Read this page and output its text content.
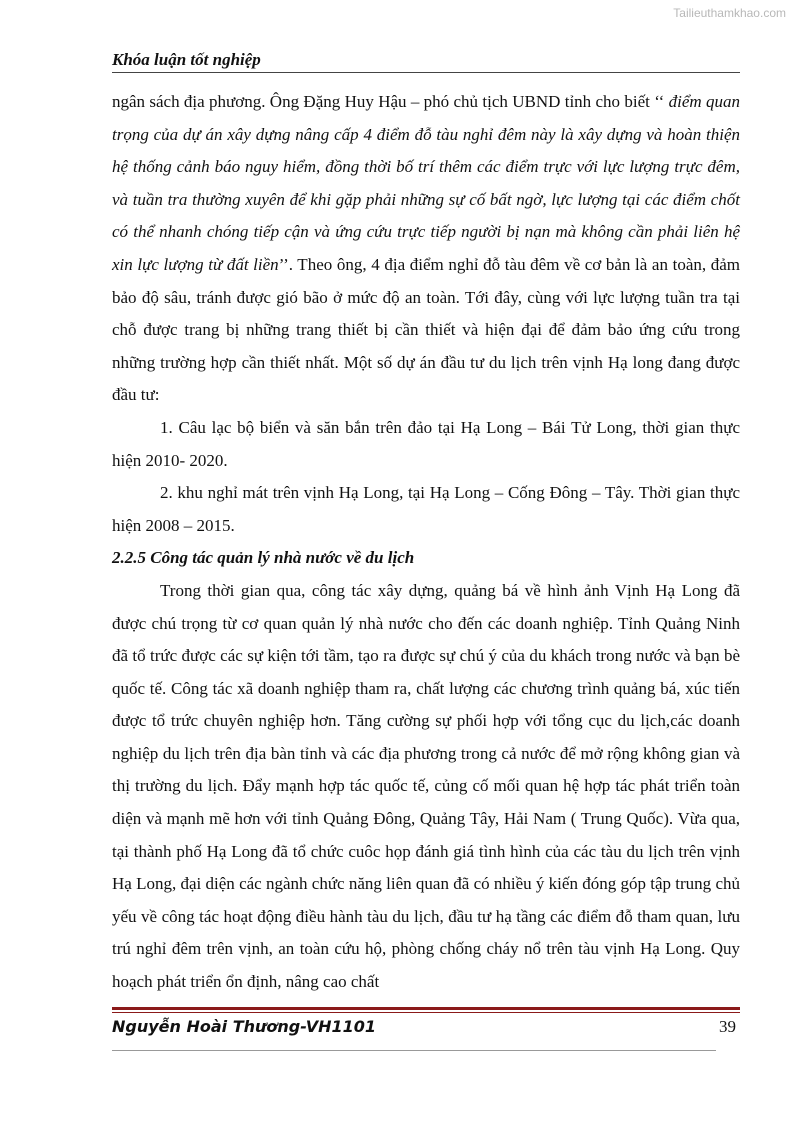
Tailieuthamkhao.com
Khóa luận tốt nghiệp

ngân sách địa phương. Ông Đặng Huy Hậu – phó chủ tịch UBND tỉnh cho biết ‘‘ điểm quan trọng của dự án xây dựng nâng cấp 4 điểm đỗ tàu nghỉ đêm này là xây dựng và hoàn thiện hệ thống cảnh báo nguy hiểm, đồng thời bố trí thêm các điểm trực với lực lượng trực đêm, và tuần tra thường xuyên để khi gặp phải những sự cố bất ngờ, lực lượng tại các điểm chốt có thể nhanh chóng tiếp cận và ứng cứu trực tiếp người bị nạn mà không cần phải liên hệ xin lực lượng từ đất liền’’. Theo ông, 4 địa điểm nghỉ đỗ tàu đêm về cơ bản là an toàn, đảm bảo độ sâu, tránh được gió bão ở mức độ an toàn. Tới đây, cùng với lực lượng tuần tra tại chỗ được trang bị những trang thiết bị cần thiết và hiện đại để đảm bảo ứng cứu trong những trường hợp cần thiết nhất. Một số dự án đầu tư du lịch trên vịnh Hạ long đang được đầu tư:

1. Câu lạc bộ biển và săn bắn trên đảo tại Hạ Long – Bái Tử Long, thời gian thực hiện 2010- 2020.

2. khu nghỉ mát trên vịnh Hạ Long, tại Hạ Long – Cống Đông – Tây. Thời gian thực hiện 2008 – 2015.

2.2.5 Công tác quản lý nhà nước về du lịch

Trong thời gian qua, công tác xây dựng, quảng bá về hình ảnh Vịnh Hạ Long đã được chú trọng từ cơ quan quản lý nhà nước cho đến các doanh nghiệp. Tỉnh Quảng Ninh đã tổ trức được các sự kiện tới tầm, tạo ra được sự chú ý của du khách trong nước và bạn bè quốc tế. Công tác xã doanh nghiệp tham ra, chất lượng các chương trình quảng bá, xúc tiến được tổ trức chuyên nghiệp hơn. Tăng cường sự phối hợp với tổng cục du lịch,các doanh nghiệp du lịch trên địa bàn tỉnh và các địa phương trong cả nước để mở rộng không gian và thị trường du lịch. Đẩy mạnh hợp tác quốc tế, củng cố mối quan hệ hợp tác phát triển toàn diện và mạnh mẽ hơn với tỉnh Quảng Đông, Quảng Tây, Hải Nam ( Trung Quốc). Vừa qua, tại thành phố Hạ Long đã tổ chức cuôc họp đánh giá tình hình của các tàu du lịch trên vịnh Hạ Long, đại diện các ngành chức năng liên quan đã có nhiều ý kiến đóng góp tập trung chủ yếu về công tác hoạt động điều hành tàu du lịch, đầu tư hạ tầng các điểm đỗ tham quan, lưu trú nghỉ đêm trên vịnh, an toàn cứu hộ, phòng chống cháy nổ trên tàu vịnh Hạ Long. Quy hoạch phát triển ổn định, nâng cao chất

Nguyễn Hoài Thương-VH1101	39
